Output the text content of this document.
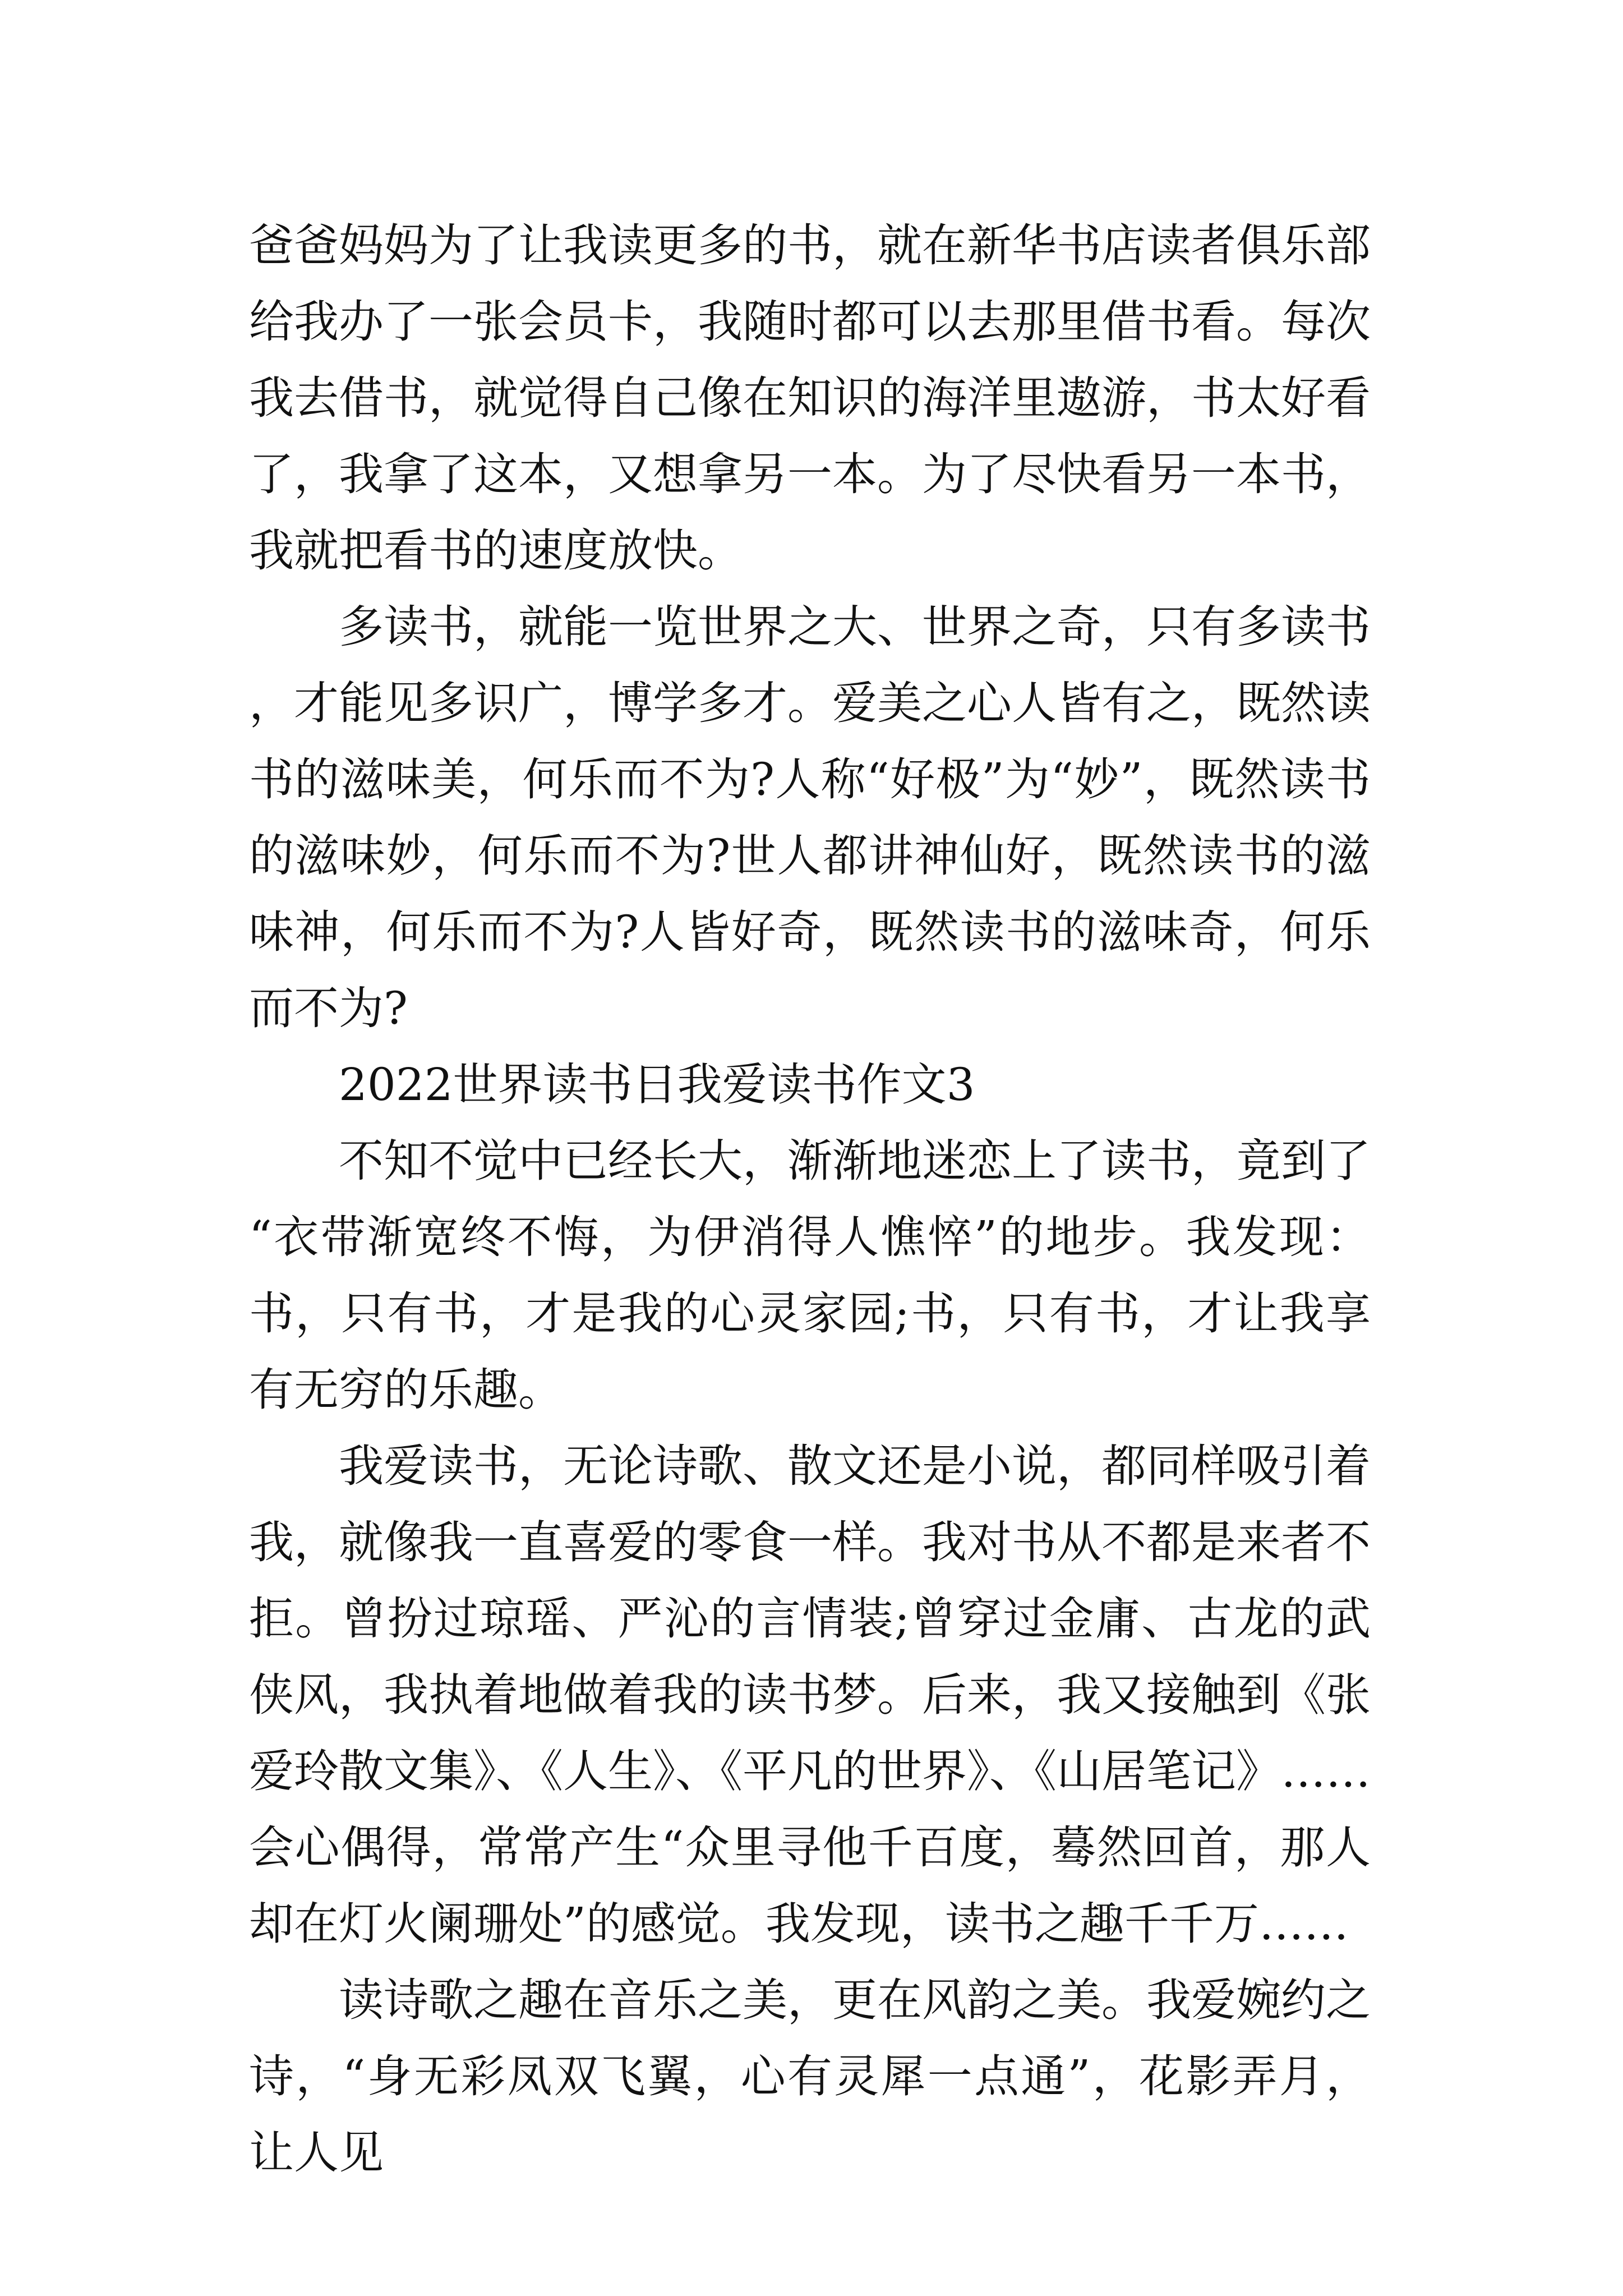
爸爸妈妈为了让我读更多的书，就在新华书店读者俱乐部给我办了一张会员卡，我随时都可以去那里借书看。每次我去借书，就觉得自己像在知识的海洋里遨游，书太好看了，我拿了这本，又想拿另一本。为了尽快看另一本书，我就把看书的速度放快。

多读书，就能一览世界之大、世界之奇，只有多读书，才能见多识广，博学多才。爱美之心人皆有之，既然读书的滋味美，何乐而不为?人称“好极”为“妙”，既然读书的滋味妙，何乐而不为?世人都讲神仙好，既然读书的滋味神，何乐而不为?人皆好奇，既然读书的滋味奇，何乐而不为?

2022世界读书日我爱读书作文3

不知不觉中已经长大，渐渐地迷恋上了读书，竟到了“衣带渐宽终不悔，为伊消得人憔悴”的地步。我发现：书，只有书，才是我的心灵家园;书，只有书，才让我享有无穷的乐趣。

我爱读书，无论诗歌、散文还是小说，都同样吸引着我，就像我一直喜爱的零食一样。我对书从不都是来者不拒。曾扮过琼瑶、严沁的言情装;曾穿过金庸、古龙的武侠风，我执着地做着我的读书梦。后来，我又接触到《张爱玲散文集》、《人生》、《平凡的世界》、《山居笔记》……会心偶得，常常产生“众里寻他千百度，蓦然回首，那人却在灯火阑珊处”的感觉。我发现，读书之趣千千万……

读诗歌之趣在音乐之美，更在风韵之美。我爱婉约之诗，“身无彩凤双飞翼，心有灵犀一点通”，花影弄月，让人见
